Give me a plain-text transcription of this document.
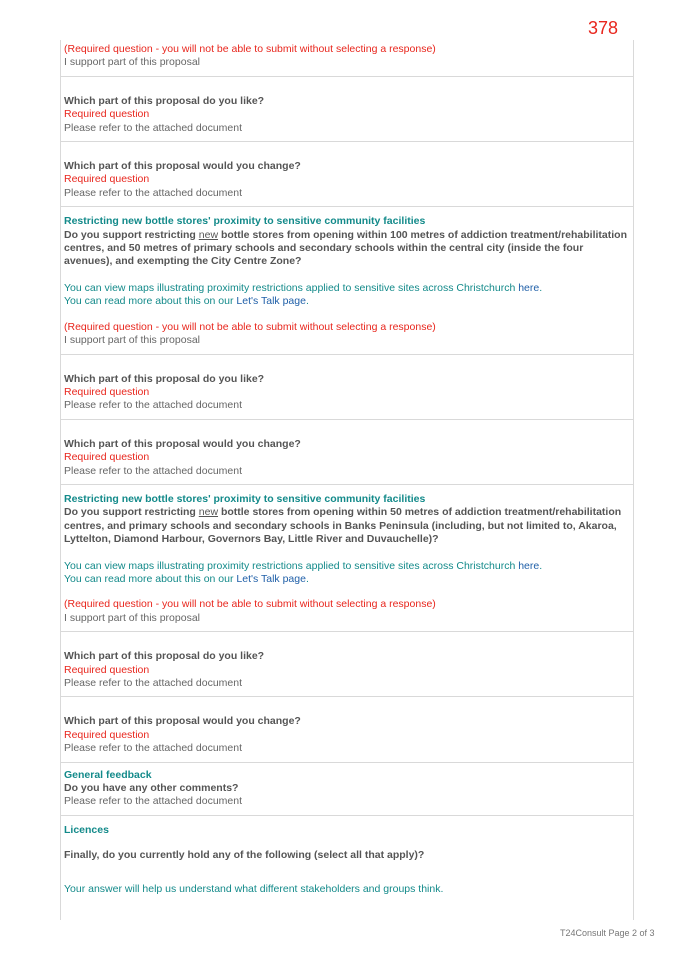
378
(Required question - you will not be able to submit without selecting a response)
I support part of this proposal
Which part of this proposal do you like?
Required question
Please refer to the attached document
Which part of this proposal would you change?
Required question
Please refer to the attached document
Restricting new bottle stores' proximity to sensitive community facilities
Do you support restricting new bottle stores from opening within 100 metres of addiction treatment/rehabilitation centres, and 50 metres of primary schools and secondary schools within the central city (inside the four avenues), and exempting the City Centre Zone?
You can view maps illustrating proximity restrictions applied to sensitive sites across Christchurch here.
You can read more about this on our Let's Talk page.
(Required question - you will not be able to submit without selecting a response)
I support part of this proposal
Which part of this proposal do you like?
Required question
Please refer to the attached document
Which part of this proposal would you change?
Required question
Please refer to the attached document
Restricting new bottle stores' proximity to sensitive community facilities
Do you support restricting new bottle stores from opening within 50 metres of addiction treatment/rehabilitation centres, and primary schools and secondary schools in Banks Peninsula (including, but not limited to, Akaroa, Lyttelton, Diamond Harbour, Governors Bay, Little River and Duvauchelle)?
You can view maps illustrating proximity restrictions applied to sensitive sites across Christchurch here.
You can read more about this on our Let's Talk page.
(Required question - you will not be able to submit without selecting a response)
I support part of this proposal
Which part of this proposal do you like?
Required question
Please refer to the attached document
Which part of this proposal would you change?
Required question
Please refer to the attached document
General feedback
Do you have any other comments?
Please refer to the attached document
Licences
Finally, do you currently hold any of the following (select all that apply)?
Your answer will help us understand what different stakeholders and groups think.
T24Consult Page 2 of 3
